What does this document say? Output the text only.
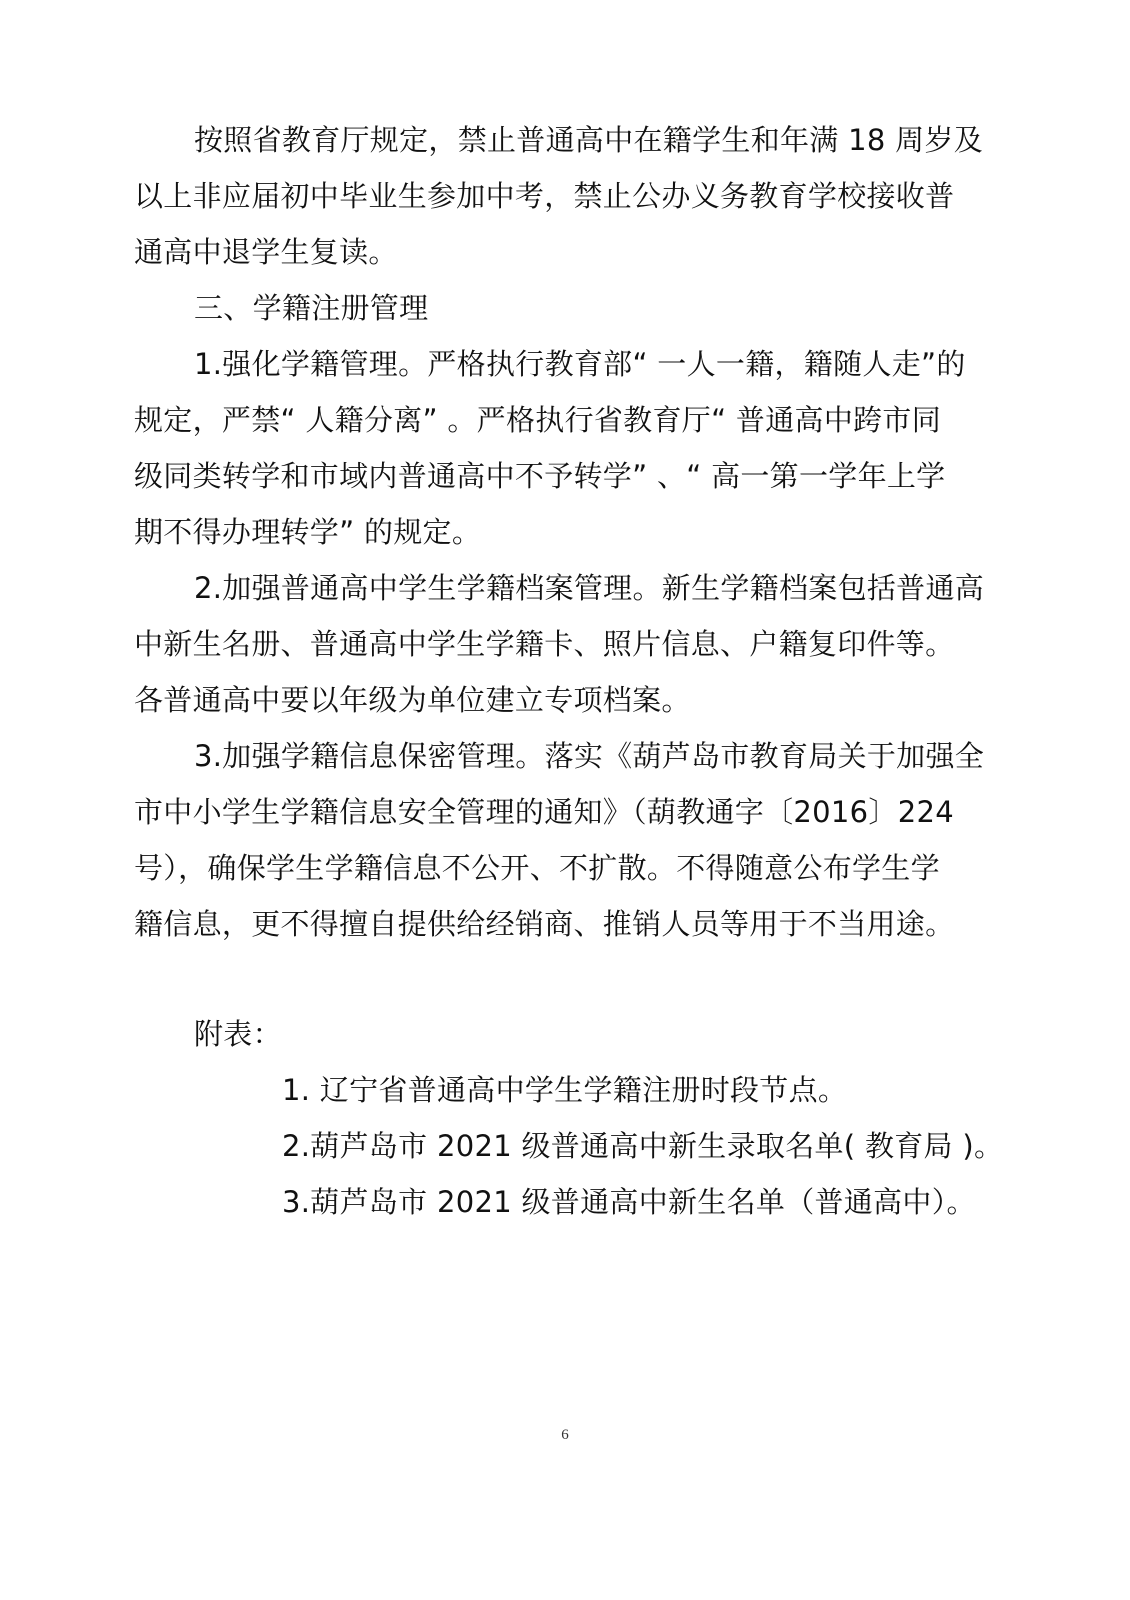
按照省教育厅规定，禁止普通高中在籍学生和年满 18 周岁及
以上非应届初中毕业生参加中考，禁止公办义务教育学校接收普
通高中退学生复读。
三、学籍注册管理
1.强化学籍管理。严格执行教育部“ 一人一籍，籍随人走”的
规定，严禁“ 人籍分离” 。严格执行省教育厅“ 普通高中跨市同
级同类转学和市域内普通高中不予转学” 、“ 高一第一学年上学
期不得办理转学” 的规定。
2.加强普通高中学生学籍档案管理。新生学籍档案包括普通高
中新生名册、普通高中学生学籍卡、照片信息、户籍复印件等。
各普通高中要以年级为单位建立专项档案。
3.加强学籍信息保密管理。落实《葫芦岛市教育局关于加强全
市中小学生学籍信息安全管理的通知》（葫教通字〔2016〕224
号），确保学生学籍信息不公开、不扩散。不得随意公布学生学
籍信息，更不得擅自提供给经销商、推销人员等用于不当用途。
附表：
1. 辽宁省普通高中学生学籍注册时段节点。
2.葫芦岛市 2021 级普通高中新生录取名单( 教育局 )。
3.葫芦岛市 2021 级普通高中新生名单（普通高中）。
6
